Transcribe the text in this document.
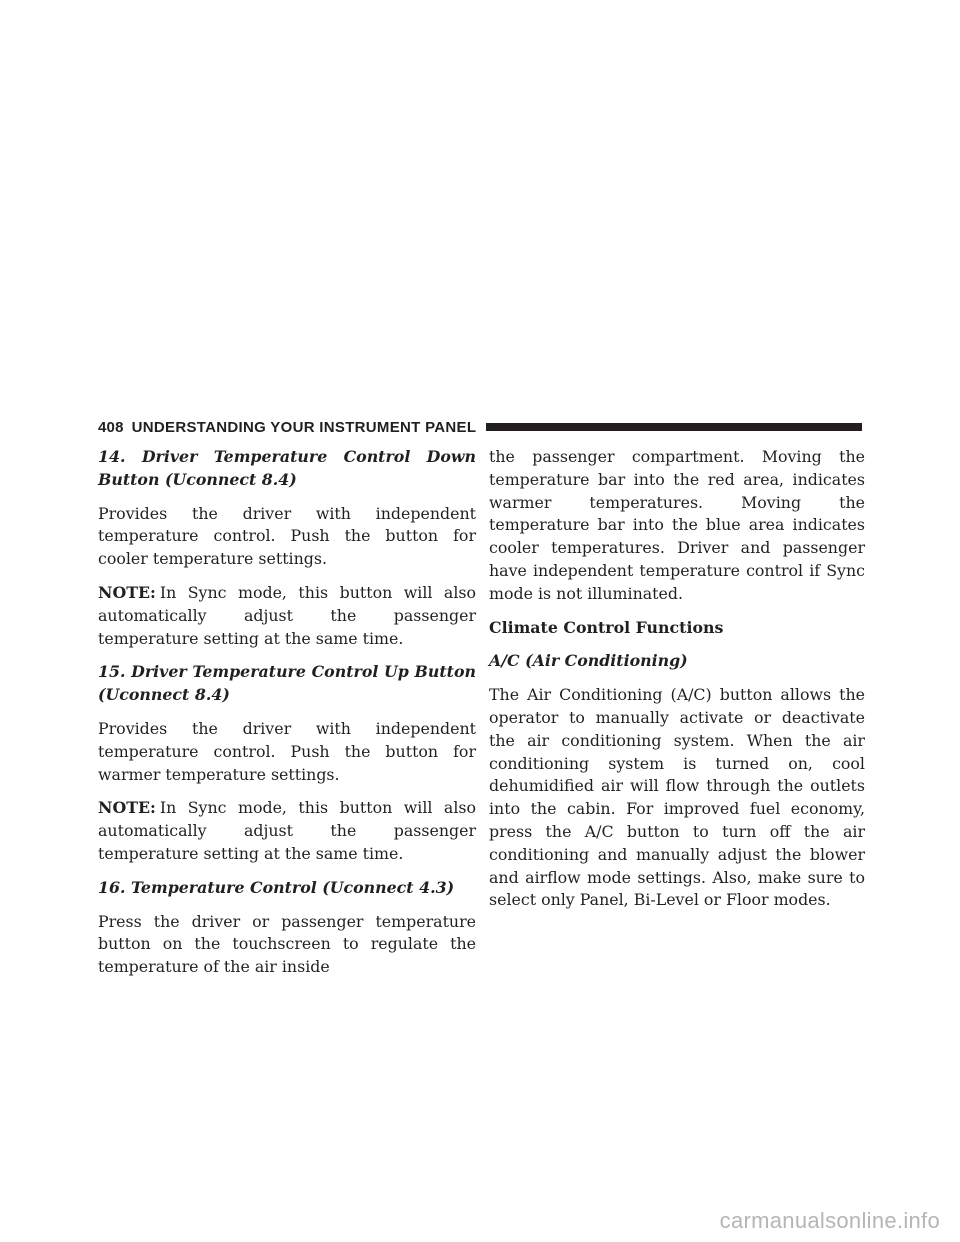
408 UNDERSTANDING YOUR INSTRUMENT PANEL

14. Driver Temperature Control Down Button (Uconnect 8.4)

Provides the driver with independent temperature control. Push the button for cooler temperature settings.

NOTE: In Sync mode, this button will also automatically adjust the passenger temperature setting at the same time.

15. Driver Temperature Control Up Button (Uconnect 8.4)

Provides the driver with independent temperature control. Push the button for warmer temperature settings.

NOTE: In Sync mode, this button will also automatically adjust the passenger temperature setting at the same time.

16. Temperature Control (Uconnect 4.3)

Press the driver or passenger temperature button on the touchscreen to regulate the temperature of the air inside

the passenger compartment. Moving the temperature bar into the red area, indicates warmer temperatures. Moving the temperature bar into the blue area indicates cooler temperatures. Driver and passenger have independent temperature control if Sync mode is not illuminated.

Climate Control Functions

A/C (Air Conditioning)

The Air Conditioning (A/C) button allows the operator to manually activate or deactivate the air conditioning system. When the air conditioning system is turned on, cool dehumidified air will flow through the outlets into the cabin. For improved fuel economy, press the A/C button to turn off the air conditioning and manually adjust the blower and airflow mode settings. Also, make sure to select only Panel, Bi-Level or Floor modes.

carmanualsonline.info
